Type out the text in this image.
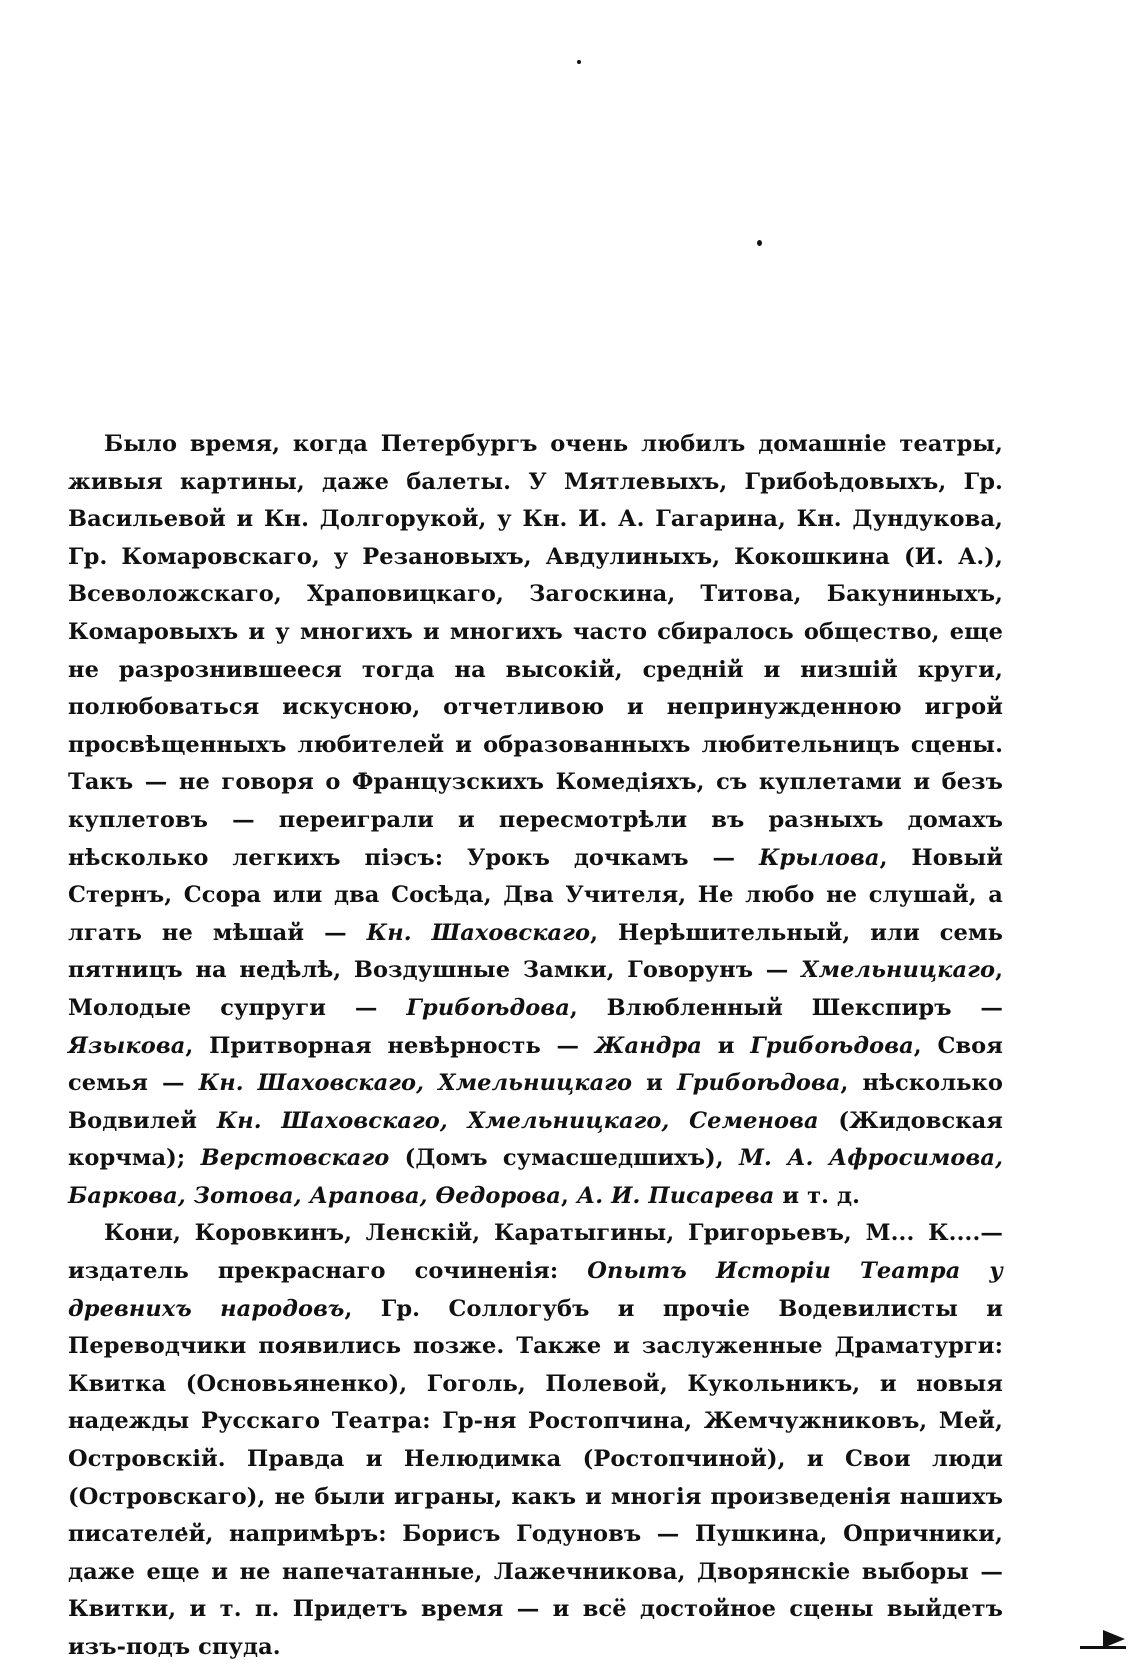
Было время, когда Петербургъ очень любилъ домашніе театры, живыя картины, даже балеты. У Мятлевыхъ, Грибоѣдовыхъ, Гр. Васильевой и Кн. Долгорукой, у Кн. И. А. Гагарина, Кн. Дундукова, Гр. Комаровскаго, у Резановыхъ, Авдулиныхъ, Кокошкина (И. А.), Всеволожскаго, Храповицкаго, Загоскина, Титова, Бакуниныхъ, Комаровыхъ и у многихъ и многихъ часто сбиралось общество, еще не разрознившееся тогда на высокій, средній и низшій круги, полюбоваться искусною, отчетливою и непринужденною игрой просвѣщенныхъ любителей и образованныхъ любительницъ сцены. Такъ — не говоря о Французскихъ Комедіяхъ, съ куплетами и безъ куплетовъ — переиграли и пересмотрѣли въ разныхъ домахъ нѣсколько легкихъ піэсъ: Урокъ дочкамъ — Крылова, Новый Стернъ, Ссора или два Сосѣда, Два Учителя, Не любо не слушай, а лгать не мѣшай — Кн. Шаховскаго, Нерѣшительный, или семь пятницъ на недѣлѣ, Воздушные Замки, Говорунъ — Хмельницкаго, Молодые супруги — Грибоѣдова, Влюбленный Шекспиръ — Языкова, Притворная невѣрность — Жандра и Грибоѣдова, Своя семья — Кн. Шаховскаго, Хмельницкаго и Грибоѣдова, нѣсколько Водвилей Кн. Шаховскаго, Хмельницкаго, Семенова (Жидовская корчма); Верстовскаго (Домъ сумасшедшихъ), М. А. Афросимова, Баркова, Зотова, Арапова, Ѳедорова, А. И. Писарева и т. д.

Кони, Коровкинъ, Ленскій, Каратыгины, Григорьевъ, М... К....—издатель прекраснаго сочиненія: Опытъ Исторіи Театра у древнихъ народовъ, Гр. Соллогубъ и прочіе Водевилисты и Переводчики появились позже. Также и заслуженные Драматурги: Квитка (Основьяненко), Гоголь, Полевой, Кукольникъ, и новыя надежды Русскаго Театра: Гр-ня Ростопчина, Жемчужниковъ, Мей, Островскій. Правда и Нелюдимка (Ростопчиной), и Свои люди (Островскаго), не были играны, какъ и многія произведенія нашихъ писателей, напримѣръ: Борисъ Годуновъ — Пушкина, Опричники, даже еще и не напечатанные, Лажечникова, Дворянскіе выборы — Квитки, и т. п. Придетъ время — и всё достойное сцены выйдетъ изъ-подъ спуда.
